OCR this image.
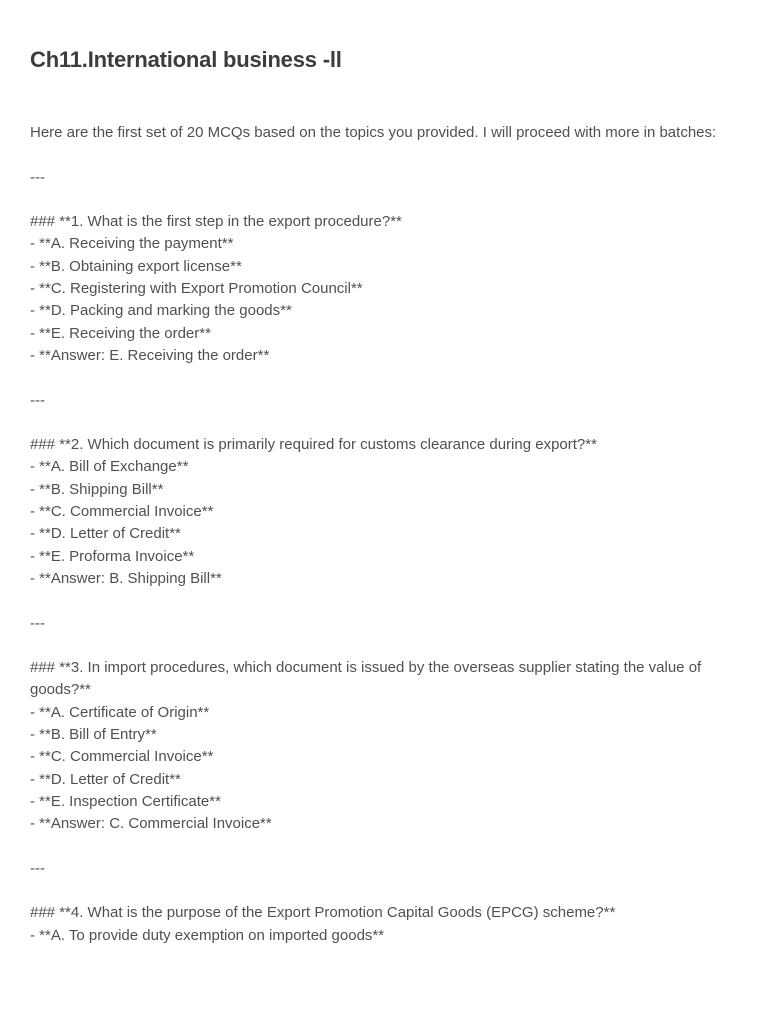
Ch11.International business -ll
Here are the first set of 20 MCQs based on the topics you provided. I will proceed with more in batches:
---
### **1. What is the first step in the export procedure?**
- **A. Receiving the payment**
- **B. Obtaining export license**
- **C. Registering with Export Promotion Council**
- **D. Packing and marking the goods**
- **E. Receiving the order**
- **Answer: E. Receiving the order**
---
### **2. Which document is primarily required for customs clearance during export?**
- **A. Bill of Exchange**
- **B. Shipping Bill**
- **C. Commercial Invoice**
- **D. Letter of Credit**
- **E. Proforma Invoice**
- **Answer: B. Shipping Bill**
---
### **3. In import procedures, which document is issued by the overseas supplier stating the value of goods?**
- **A. Certificate of Origin**
- **B. Bill of Entry**
- **C. Commercial Invoice**
- **D. Letter of Credit**
- **E. Inspection Certificate**
- **Answer: C. Commercial Invoice**
---
### **4. What is the purpose of the Export Promotion Capital Goods (EPCG) scheme?**
- **A. To provide duty exemption on imported goods**
